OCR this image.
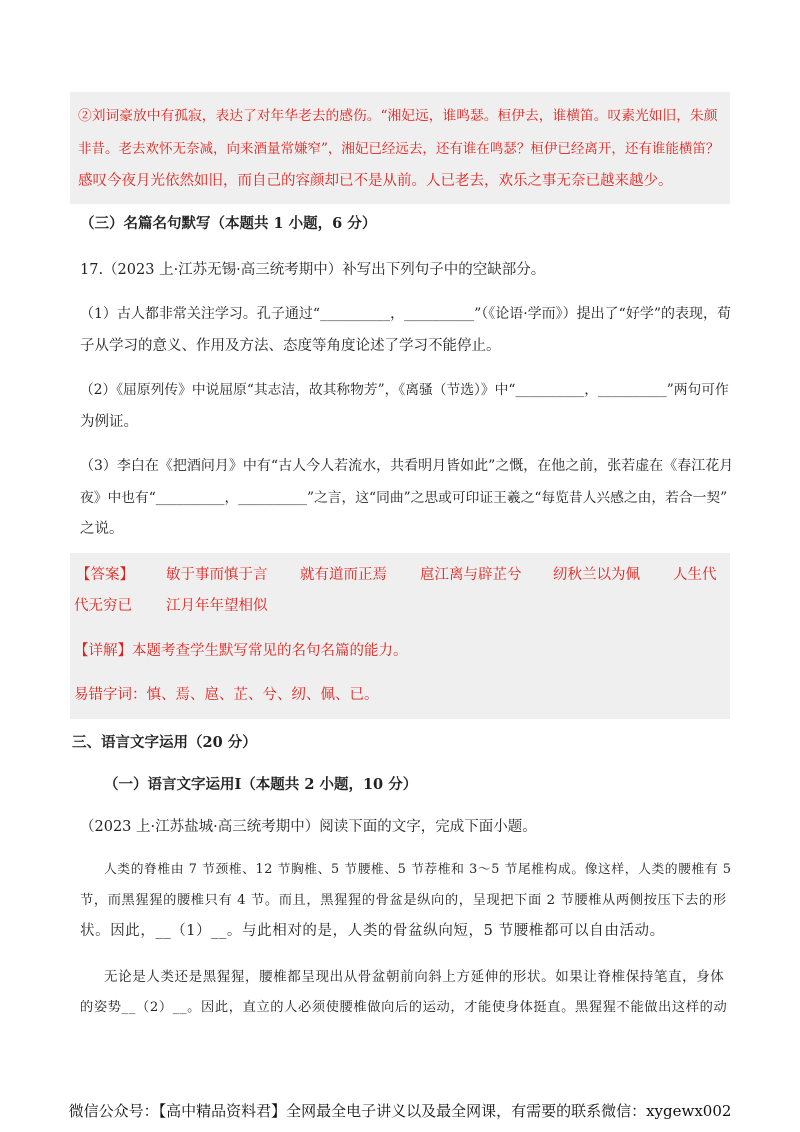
②刘词豪放中有孤寂，表达了对年华老去的感伤。“湘妃远，谁鸣瑟。桓伊去，谁横笛。叹素光如旧，朱颜
非昔。老去欢怀无奈减，向来酒量常嫌窄”，湘妃已经远去，还有谁在鸣瑟？桓伊已经离开，还有谁能横笛？
感叹今夜月光依然如旧，而自己的容颜却已不是从前。人已老去，欢乐之事无奈已越来越少。
（三）名篇名句默写（本题共 1 小题，6 分）
17.（2023 上·江苏无锡·高三统考期中）补写出下列句子中的空缺部分。
（1）古人都非常关注学习。孔子通过“__________，__________”（《论语·学而》）提出了“好学”的表现，荀
子从学习的意义、作用及方法、态度等角度论述了学习不能停止。
（2）《屈原列传》中说屈原“其志洁，故其称物芳”，《离骚（节选）》中“__________，__________”两句可作
为例证。
（3）李白在《把酒问月》中有“古人今人若流水，共看明月皆如此”之慨，在他之前，张若虚在《春江花月
夜》中也有“__________，__________”之言，这“同曲”之思或可印证王羲之“每览昔人兴感之由，若合一契”
之说。
【答案】 敏于事而慎于言 就有道而正焉 扈江离与辟芷兮 纫秋兰以为佩 人生代
代无穷已 江月年年望相似
【详解】 本题考查学生默写常见的名句名篇的能力。
易错字词：慎、焉、扈、芷、兮、纫、佩、已。
三、语言文字运用（20 分）
（一）语言文字运用Ⅰ（本题共 2 小题，10 分）
（2023 上·江苏盐城·高三统考期中）阅读下面的文字，完成下面小题。
人类的脊椎由 7 节颈椎、12 节胸椎、5 节腰椎、5 节荐椎和 3～5 节尾椎构成。像这样，人类的腰椎有 5
节，而黑猩猩的腰椎只有 4 节。而且，黑猩猩的骨盆是纵向的，呈现把下面 2 节腰椎从两侧按压下去的形
状。因此，__（1）__。与此相对的是，人类的骨盆纵向短，5 节腰椎都可以自由活动。
无论是人类还是黑猩猩，腰椎都呈现出从骨盆朝前向斜上方延伸的形状。如果让脊椎保持笔直，身体
的姿势__（2）__。因此，直立的人必须使腰椎做向后的运动，才能使身体挺直。黑猩猩不能做出这样的动
微信公众号：【高中精品资料君】全网最全电子讲义以及最全网课，有需要的联系微信：xygewx002
